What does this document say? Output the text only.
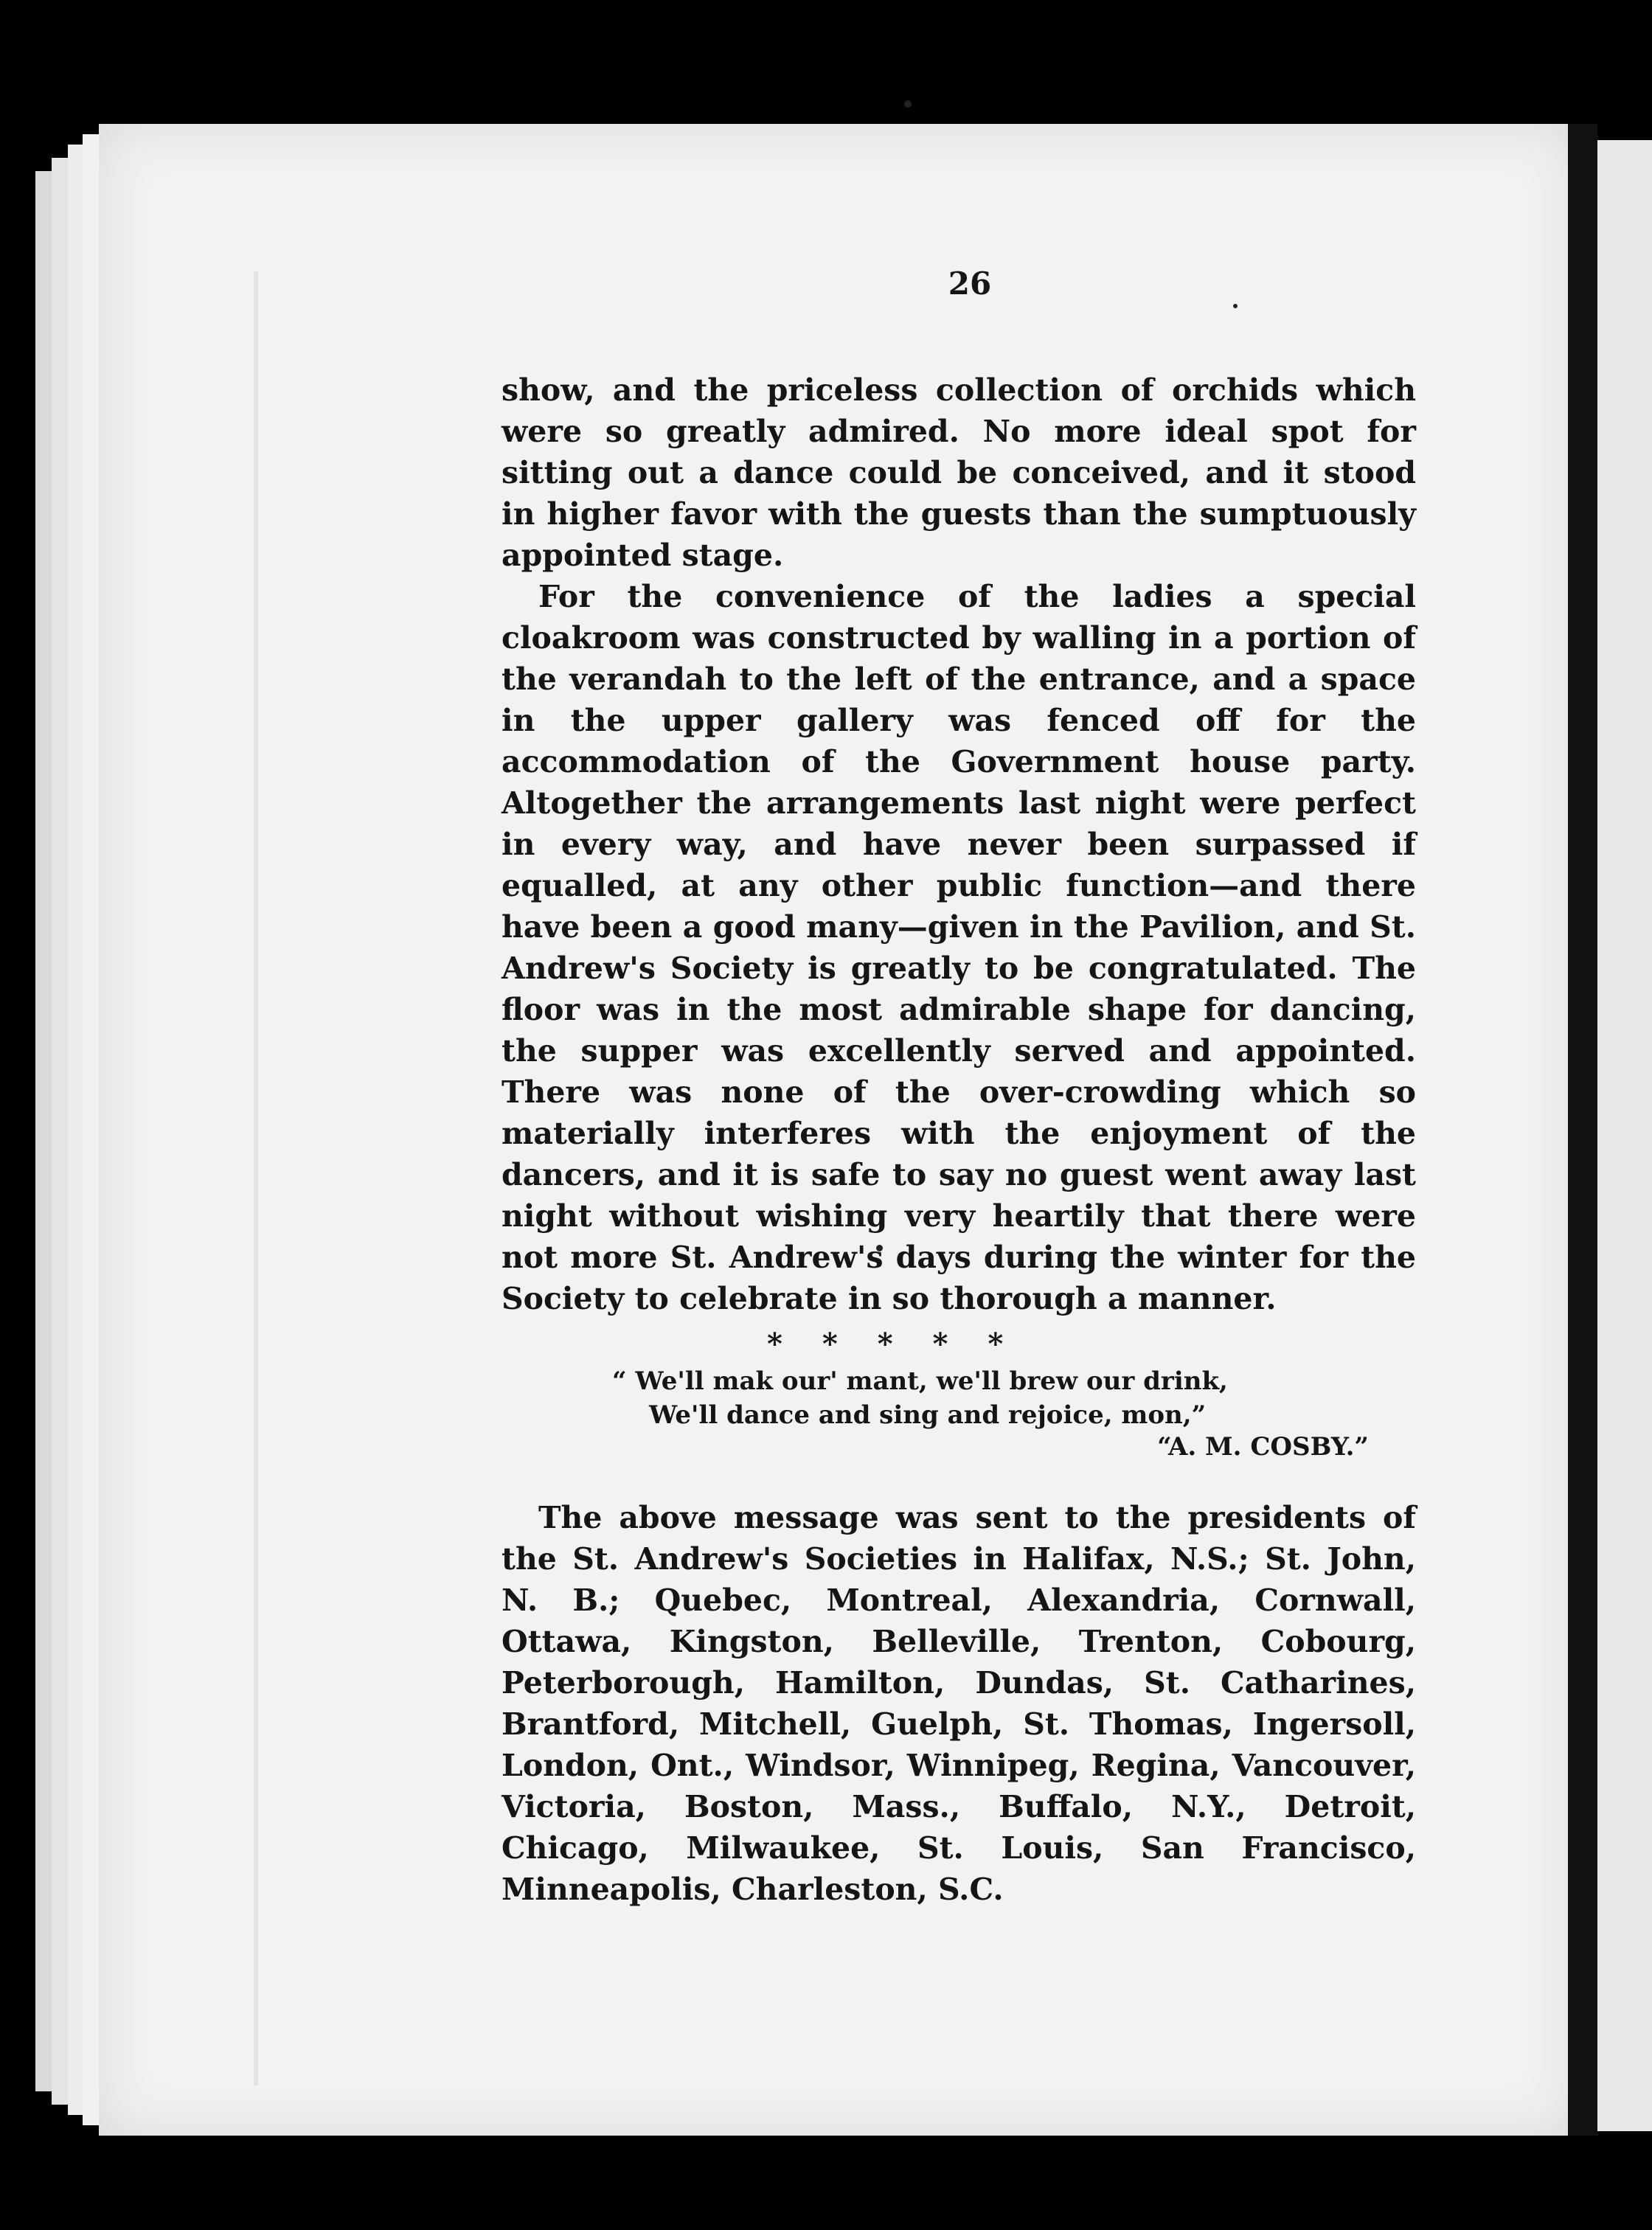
26

show, and the priceless collection of orchids which were so greatly admired. No more ideal spot for sitting out a dance could be conceived, and it stood in higher favor with the guests than the sumptuously appointed stage.

For the convenience of the ladies a special cloakroom was constructed by walling in a portion of the verandah to the left of the entrance, and a space in the upper gallery was fenced off for the accommodation of the Government house party. Altogether the arrangements last night were perfect in every way, and have never been surpassed if equalled, at any other public function—and there have been a good many—given in the Pavilion, and St. Andrew's Society is greatly to be congratulated. The floor was in the most admirable shape for dancing, the supper was excellently served and appointed. There was none of the over-crowding which so materially interferes with the enjoyment of the dancers, and it is safe to say no guest went away last night without wishing very heartily that there were not more St. Andrew's days during the winter for the Society to celebrate in so thorough a manner.

* * * * *
“ We'll mak our' mant, we'll brew our drink,
We'll dance and sing and rejoice, mon,”
“A. M. COSBY.”

The above message was sent to the presidents of the St. Andrew's Societies in Halifax, N.S.; St. John, N. B.; Quebec, Montreal, Alexandria, Cornwall, Ottawa, Kingston, Belleville, Trenton, Cobourg, Peterborough, Hamilton, Dundas, St. Catharines, Brantford, Mitchell, Guelph, St. Thomas, Ingersoll, London, Ont., Windsor, Winnipeg, Regina, Vancouver, Victoria, Boston, Mass., Buffalo, N.Y., Detroit, Chicago, Milwaukee, St. Louis, San Francisco, Minneapolis, Charleston, S.C.
